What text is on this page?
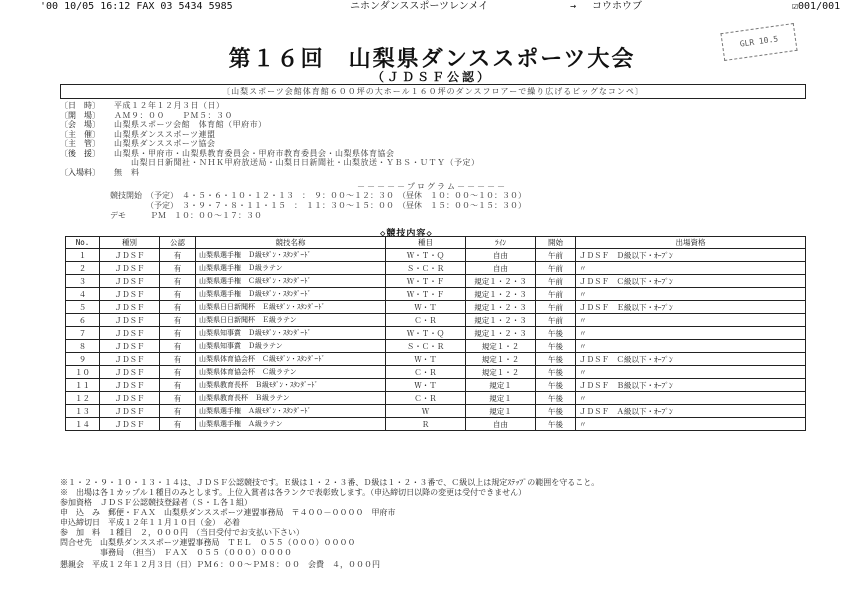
'00 10/05 16:12 FAX 03 5434 5985	ニホンダンススポーツレンメイ	→ コウホウブ	☑001/001
GLR 10.5
第１６回　山梨県ダンススポーツ大会
（ＪＤＳＦ公認）
〔山梨スポーツ会館体育館６００坪の大ホール１６０坪のダンスフロアーで繰り広げるビッグなコンペ〕
〔日　時〕	平成１２年１２月３日（日）
〔開　場〕	ＡＭ９：００　　ＰＭ５：３０
〔会　場〕	山梨県スポーツ会館　体育館（甲府市）
〔主　催〕	山梨県ダンススポーツ連盟
〔主　管〕	山梨県ダンススポーツ協会
〔後　援〕	山梨県・甲府市・山梨県教育委員会・甲府市教育委員会・山梨県体育協会
　　山梨日日新聞社・ＮＨＫ甲府放送局・山梨日日新聞社・山梨放送・ＹＢＳ・ＵＴＹ（予定）
〔入場料〕	無　料
－－－－－プログラム－－－－－
競技開始　（予定）　４・５・６・１０・１２・１３　：　９：００〜１２：３０　（昼休　１０：００〜１０：３０）
　　　　　（予定）　３・９・７・８・１１・１５　：　１１：３０〜１５：００　（昼休　１５：００〜１５：３０）
デモ　　　ＰＭ　１０：００〜１７：３０
◇競技内容◇
No.	種別	公認	競技名称	種目	ﾗｲﾝ	開始	出場資格
１	ＪＤＳＦ	有	山梨県選手権　Ｄ級ﾓﾀﾞﾝ・ｽﾀﾝﾀﾞｰﾄﾞ	Ｗ・Ｔ・Ｑ	自由	午前	ＪＤＳＦ　Ｄ級以下・ｵｰﾌﾟﾝ
２	ＪＤＳＦ	有	山梨県選手権　Ｄ級ラテン	Ｓ・Ｃ・Ｒ	自由	午前	〃
３	ＪＤＳＦ	有	山梨県選手権　Ｃ級ﾓﾀﾞﾝ・ｽﾀﾝﾀﾞｰﾄﾞ	Ｗ・Ｔ・Ｆ	規定１・２・３	午前	ＪＤＳＦ　Ｃ級以下・ｵｰﾌﾟﾝ
４	ＪＤＳＦ	有	山梨県選手権　Ｄ級ﾓﾀﾞﾝ・ｽﾀﾝﾀﾞｰﾄﾞ	Ｗ・Ｔ・Ｆ	規定１・２・３	午前	〃
５	ＪＤＳＦ	有	山梨県日日新聞杯　Ｅ級ﾓﾀﾞﾝ・ｽﾀﾝﾀﾞｰﾄﾞ	Ｗ・Ｔ	規定１・２・３	午前	ＪＤＳＦ　Ｅ級以下・ｵｰﾌﾟﾝ
６	ＪＤＳＦ	有	山梨県日日新聞杯　Ｅ級ラテン	Ｃ・Ｒ	規定１・２・３	午前	〃
７	ＪＤＳＦ	有	山梨県知事賞　Ｄ級ﾓﾀﾞﾝ・ｽﾀﾝﾀﾞｰﾄﾞ	Ｗ・Ｔ・Ｑ	規定１・２・３	午後	〃
８	ＪＤＳＦ	有	山梨県知事賞　Ｄ級ラテン	Ｓ・Ｃ・Ｒ	規定１・２	午後	〃
９	ＪＤＳＦ	有	山梨県体育協会杯　Ｃ級ﾓﾀﾞﾝ・ｽﾀﾝﾀﾞｰﾄﾞ	Ｗ・Ｔ	規定１・２	午後	ＪＤＳＦ　Ｃ級以下・ｵｰﾌﾟﾝ
１０	ＪＤＳＦ	有	山梨県体育協会杯　Ｃ級ラテン	Ｃ・Ｒ	規定１・２	午後	〃
１１	ＪＤＳＦ	有	山梨県教育長杯　Ｂ級ﾓﾀﾞﾝ・ｽﾀﾝﾀﾞｰﾄﾞ	Ｗ・Ｔ	規定１	午後	ＪＤＳＦ　Ｂ級以下・ｵｰﾌﾟﾝ
１２	ＪＤＳＦ	有	山梨県教育長杯　Ｂ級ラテン	Ｃ・Ｒ	規定１	午後	〃
１３	ＪＤＳＦ	有	山梨県選手権　Ａ級ﾓﾀﾞﾝ・ｽﾀﾝﾀﾞｰﾄﾞ	Ｗ	規定１	午後	ＪＤＳＦ　Ａ級以下・ｵｰﾌﾟﾝ
１４	ＪＤＳＦ	有	山梨県選手権　Ａ級ラテン	Ｒ	自由	午後	〃
※１・２・９・１０・１３・１４は、ＪＤＳＦ公認競技です。Ｅ級は１・２・３番、Ｄ級は１・２・３番で、Ｃ級以上は規定ｽﾃｯﾌﾟの範囲を守ること。
※　出場は各１カップル１種目のみとします。上位入賞者は各ランクで表彰致します。（申込締切日以降の変更は受付できません）
参加資格　ＪＤＳＦ公認競技登録者（Ｓ・Ｌ各１組）
申　込　み　郵便・ＦＡＸ　山梨県ダンススポーツ連盟事務局　〒４００－００００　甲府市
申込締切日　平成１２年１１月１０日（金）　必着
参　加　料　１種目　２，０００円　（当日受付でお支払い下さい）
問合せ先　山梨県ダンススポーツ連盟事務局　ＴＥＬ　０５５（０００）００００
　　　　　事務局　（担当）　ＦＡＸ　０５５（０００）００００
懇親会　平成１２年１２月３日（日）ＰＭ６：００〜ＰＭ８：００　会費　４，０００円
